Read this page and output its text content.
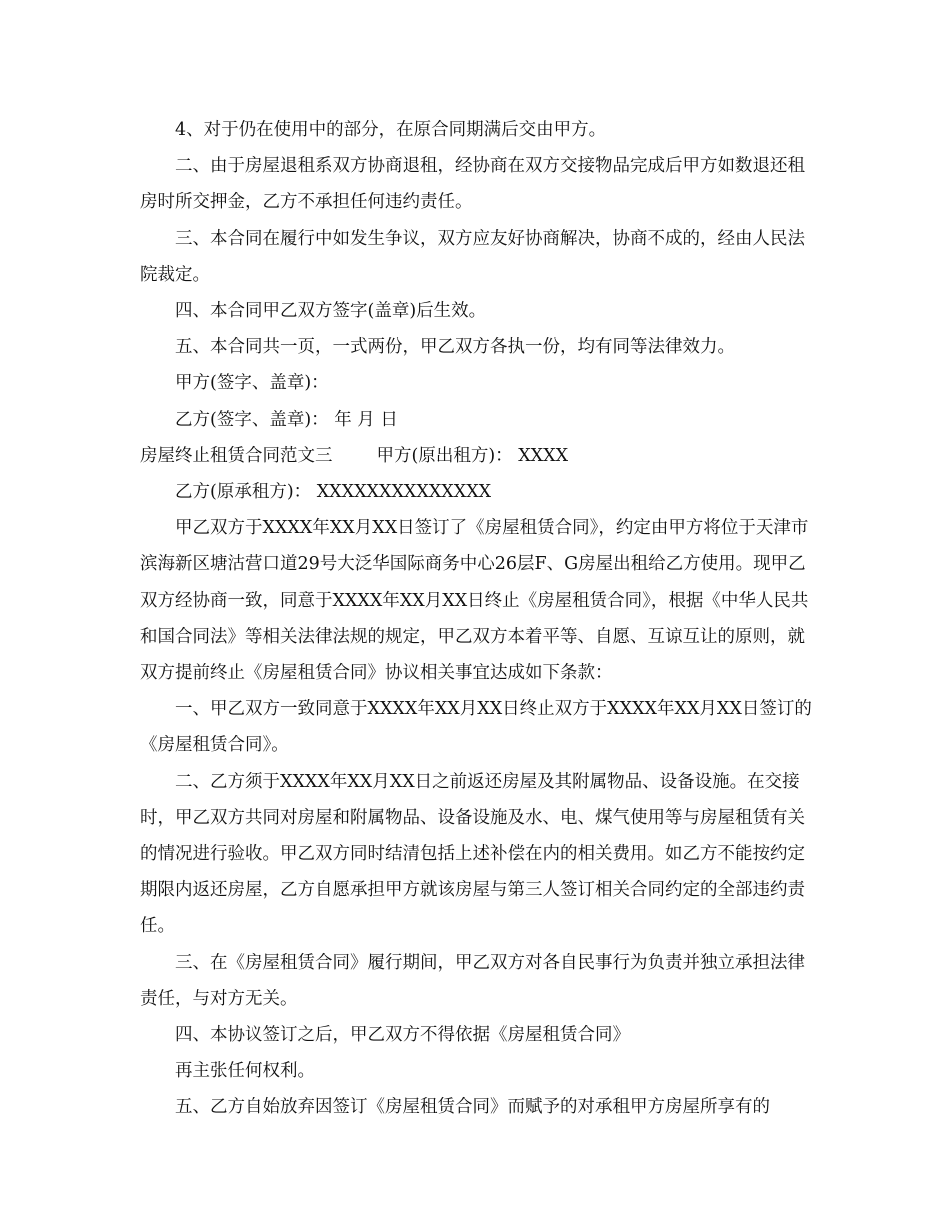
4、对于仍在使用中的部分，在原合同期满后交由甲方。

二、由于房屋退租系双方协商退租，经协商在双方交接物品完成后甲方如数退还租房时所交押金，乙方不承担任何违约责任。

三、本合同在履行中如发生争议，双方应友好协商解决，协商不成的，经由人民法院裁定。

四、本合同甲乙双方签字(盖章)后生效。

五、本合同共一页，一式两份，甲乙双方各执一份，均有同等法律效力。

甲方(签字、盖章)：

乙方(签字、盖章)： 年 月 日

房屋终止租赁合同范文三	甲方(原出租方)： XXXX

乙方(原承租方)： XXXXXXXXXXXXXX

甲乙双方于XXXX年XX月XX日签订了《房屋租赁合同》，约定由甲方将位于天津市滨海新区塘沽营口道29号大泛华国际商务中心26层F、G房屋出租给乙方使用。现甲乙双方经协商一致，同意于XXXX年XX月XX日终止《房屋租赁合同》，根据《中华人民共和国合同法》等相关法律法规的规定，甲乙双方本着平等、自愿、互谅互让的原则，就双方提前终止《房屋租赁合同》协议相关事宜达成如下条款：

一、甲乙双方一致同意于XXXX年XX月XX日终止双方于XXXX年XX月XX日签订的《房屋租赁合同》。

二、乙方须于XXXX年XX月XX日之前返还房屋及其附属物品、设备设施。在交接时，甲乙双方共同对房屋和附属物品、设备设施及水、电、煤气使用等与房屋租赁有关的情况进行验收。甲乙双方同时结清包括上述补偿在内的相关费用。如乙方不能按约定期限内返还房屋，乙方自愿承担甲方就该房屋与第三人签订相关合同约定的全部违约责任。

三、在《房屋租赁合同》履行期间，甲乙双方对各自民事行为负责并独立承担法律责任，与对方无关。

四、本协议签订之后，甲乙双方不得依据《房屋租赁合同》

再主张任何权利。

五、乙方自始放弃因签订《房屋租赁合同》而赋予的对承租甲方房屋所享有的
